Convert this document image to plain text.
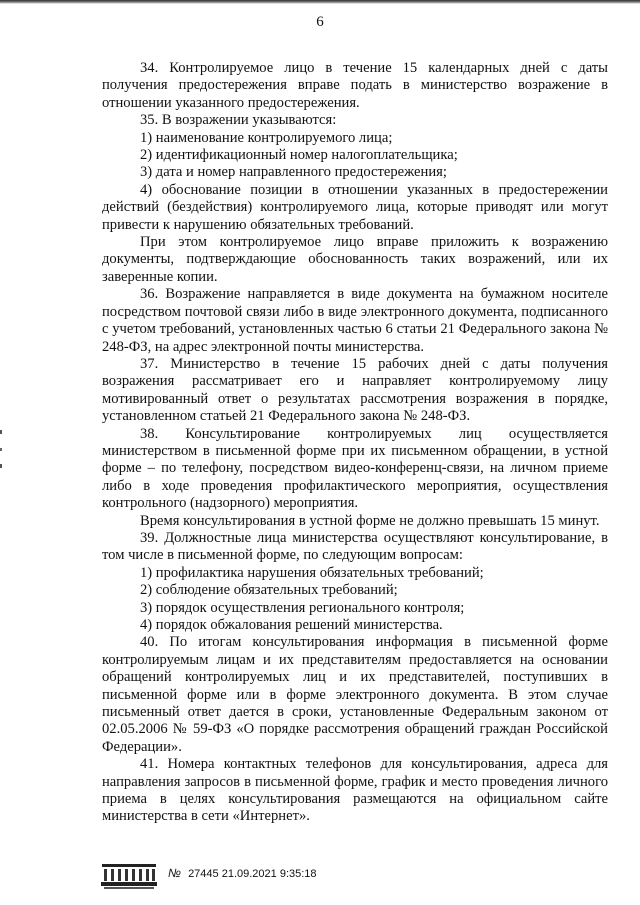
6

34. Контролируемое лицо в течение 15 календарных дней с даты получения предостережения вправе подать в министерство возражение в отношении указанного предостережения.

35. В возражении указываются:

1) наименование контролируемого лица;

2) идентификационный номер налогоплательщика;

3) дата и номер направленного предостережения;

4) обоснование позиции в отношении указанных в предостережении действий (бездействия) контролируемого лица, которые приводят или могут привести к нарушению обязательных требований.

При этом контролируемое лицо вправе приложить к возражению документы, подтверждающие обоснованность таких возражений, или их заверенные копии.

36. Возражение направляется в виде документа на бумажном носителе посредством почтовой связи либо в виде электронного документа, подписанного с учетом требований, установленных частью 6 статьи 21 Федерального закона № 248-ФЗ, на адрес электронной почты министерства.

37. Министерство в течение 15 рабочих дней с даты получения возражения рассматривает его и направляет контролируемому лицу мотивированный ответ о результатах рассмотрения возражения в порядке, установленном статьей 21 Федерального закона № 248-ФЗ.

38. Консультирование контролируемых лиц осуществляется министерством в письменной форме при их письменном обращении, в устной форме – по телефону, посредством видео-конференц-связи, на личном приеме либо в ходе проведения профилактического мероприятия, осуществления контрольного (надзорного) мероприятия.

Время консультирования в устной форме не должно превышать 15 минут.

39. Должностные лица министерства осуществляют консультирование, в том числе в письменной форме, по следующим вопросам:

1) профилактика нарушения обязательных требований;

2) соблюдение обязательных требований;

3) порядок осуществления регионального контроля;

4) порядок обжалования решений министерства.

40. По итогам консультирования информация в письменной форме контролируемым лицам и их представителям предоставляется на основании обращений контролируемых лиц и их представителей, поступивших в письменной форме или в форме электронного документа. В этом случае письменный ответ дается в сроки, установленные Федеральным законом от 02.05.2006 № 59-ФЗ «О порядке рассмотрения обращений граждан Российской Федерации».

41. Номера контактных телефонов для консультирования, адреса для направления запросов в письменной форме, график и место проведения личного приема в целях консультирования размещаются на официальном сайте министерства в сети «Интернет».

№ 27445 21.09.2021 9:35:18
